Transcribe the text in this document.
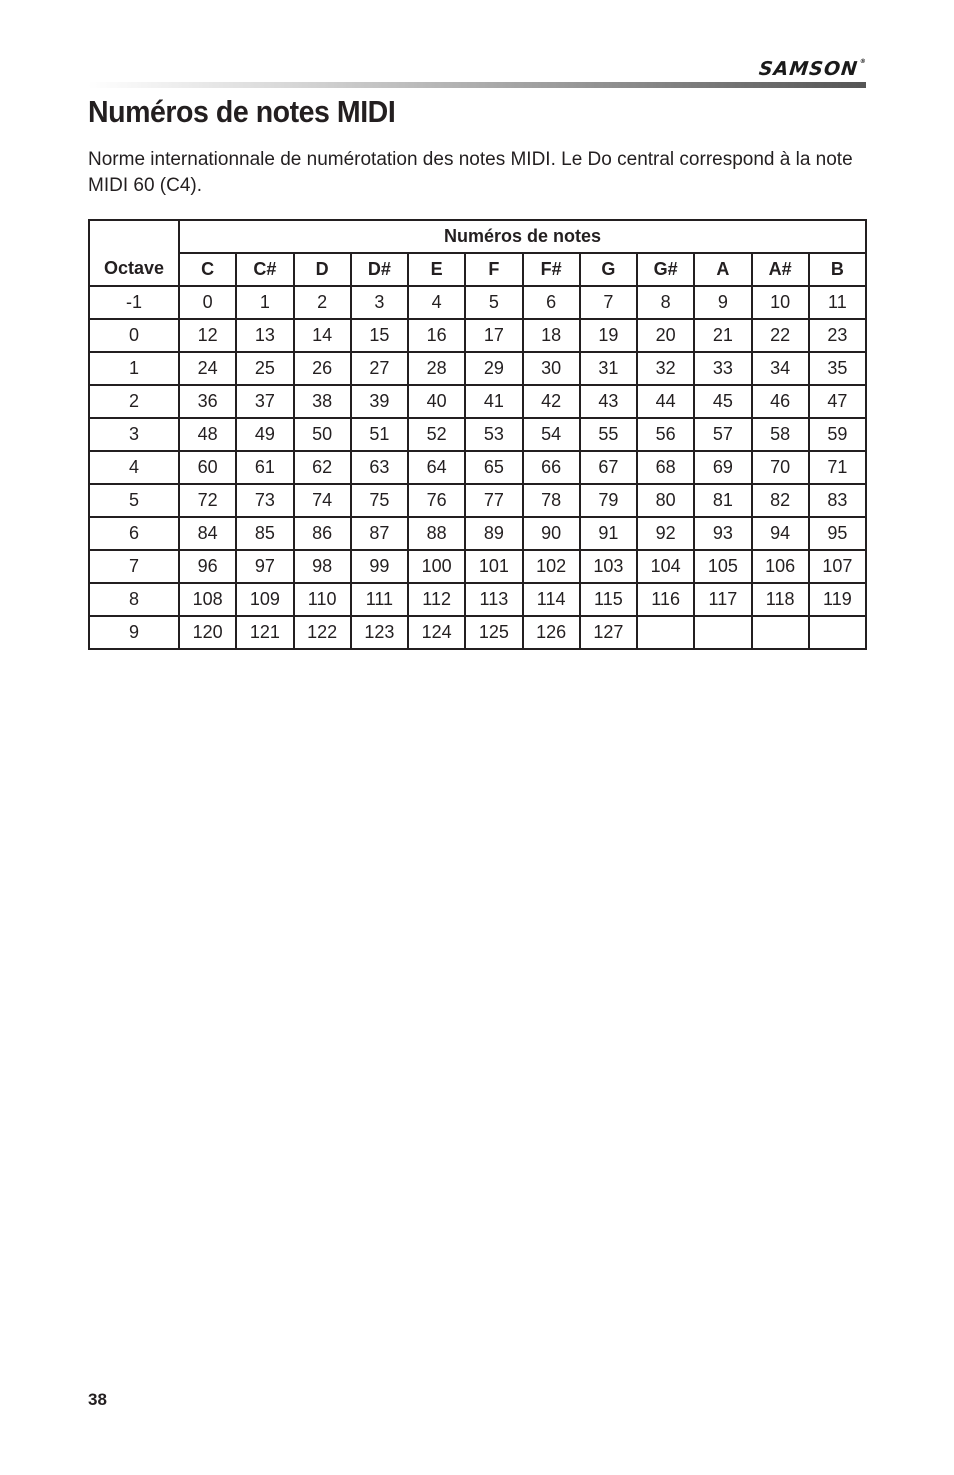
SAMSON®
Numéros de notes MIDI

Norme internationnale de numérotation des notes MIDI. Le Do central correspond à la note MIDI 60 (C4).

Octave	Numéros de notes											
	C	C#	D	D#	E	F	F#	G	G#	A	A#	B
-1	0	1	2	3	4	5	6	7	8	9	10	11
0	12	13	14	15	16	17	18	19	20	21	22	23
1	24	25	26	27	28	29	30	31	32	33	34	35
2	36	37	38	39	40	41	42	43	44	45	46	47
3	48	49	50	51	52	53	54	55	56	57	58	59
4	60	61	62	63	64	65	66	67	68	69	70	71
5	72	73	74	75	76	77	78	79	80	81	82	83
6	84	85	86	87	88	89	90	91	92	93	94	95
7	96	97	98	99	100	101	102	103	104	105	106	107
8	108	109	110	111	112	113	114	115	116	117	118	119
9	120	121	122	123	124	125	126	127				
38
